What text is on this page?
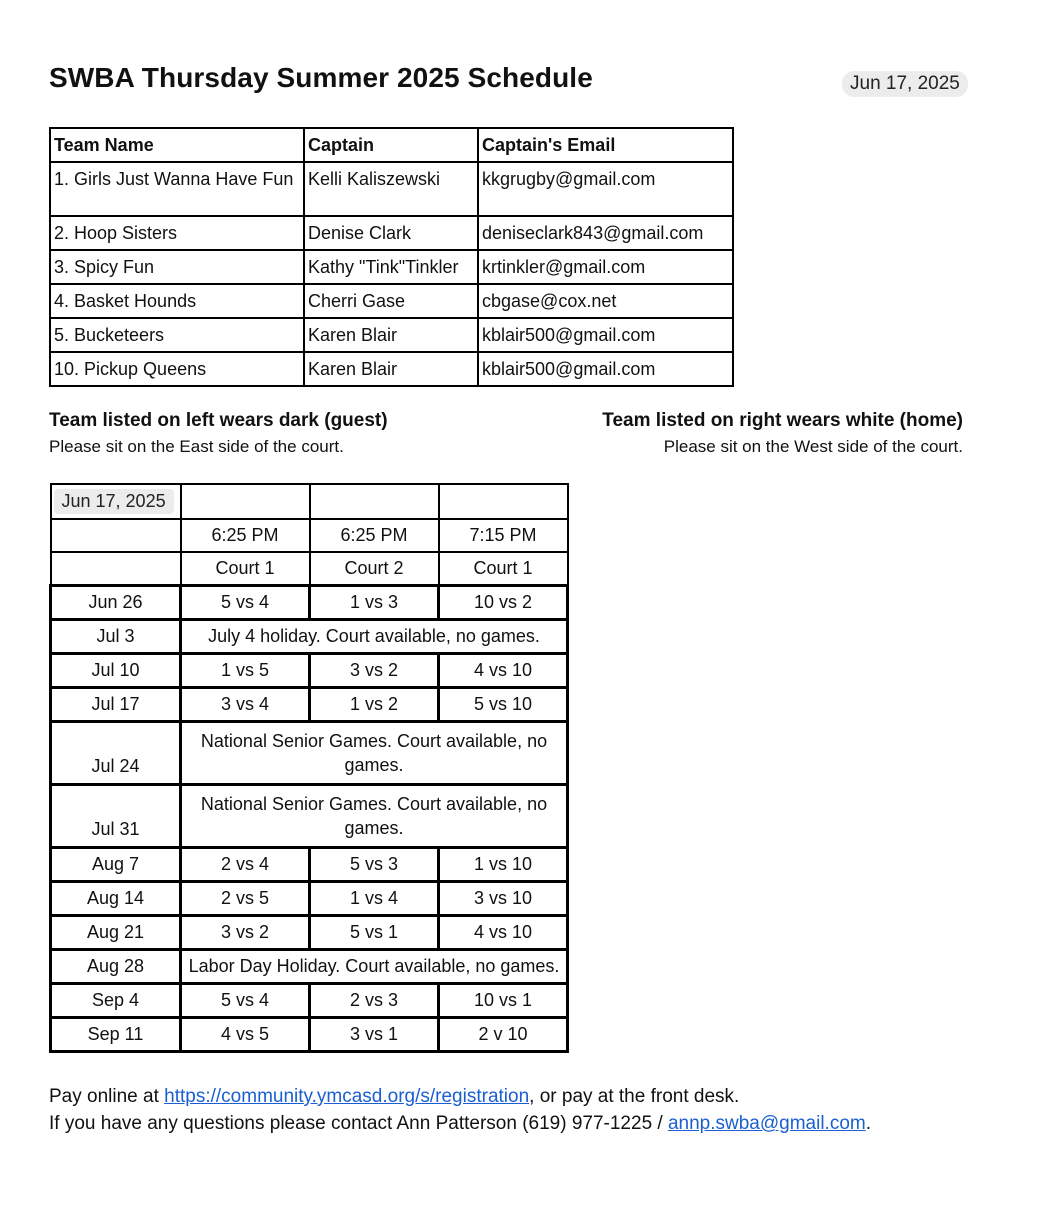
SWBA Thursday Summer 2025 Schedule	Jun 17, 2025
Team Name	Captain	Captain's Email
1. Girls Just Wanna Have Fun	Kelli Kaliszewski	kkgrugby@gmail.com
2. Hoop Sisters	Denise Clark	deniseclark843@gmail.com
3. Spicy Fun	Kathy "Tink"Tinkler	krtinkler@gmail.com
4. Basket Hounds	Cherri Gase	cbgase@cox.net
5. Bucketeers	Karen Blair	kblair500@gmail.com
10. Pickup Queens	Karen Blair	kblair500@gmail.com
Team listed on left wears dark (guest)
Please sit on the East side of the court.
Team listed on right wears white (home)
Please sit on the West side of the court.
Jun 17, 2025			
	6:25 PM	6:25 PM	7:15 PM
	Court 1	Court 2	Court 1
Jun 26	5 vs 4	1 vs 3	10 vs 2
Jul 3	July 4 holiday. Court available, no games.		
Jul 10	1 vs 5	3 vs 2	4 vs 10
Jul 17	3 vs 4	1 vs 2	5 vs 10
Jul 24	National Senior Games. Court available, no games.		
Jul 31	National Senior Games. Court available, no games.		
Aug 7	2 vs 4	5 vs 3	1 vs 10
Aug 14	2 vs 5	1 vs 4	3 vs 10
Aug 21	3 vs 2	5 vs 1	4 vs 10
Aug 28	Labor Day Holiday. Court available, no games.		
Sep 4	5 vs 4	2 vs 3	10 vs 1
Sep 11	4 vs 5	3 vs 1	2 v 10
Pay online at https://community.ymcasd.org/s/registration, or pay at the front desk.
If you have any questions please contact Ann Patterson (619) 977-1225 / annp.swba@gmail.com.
